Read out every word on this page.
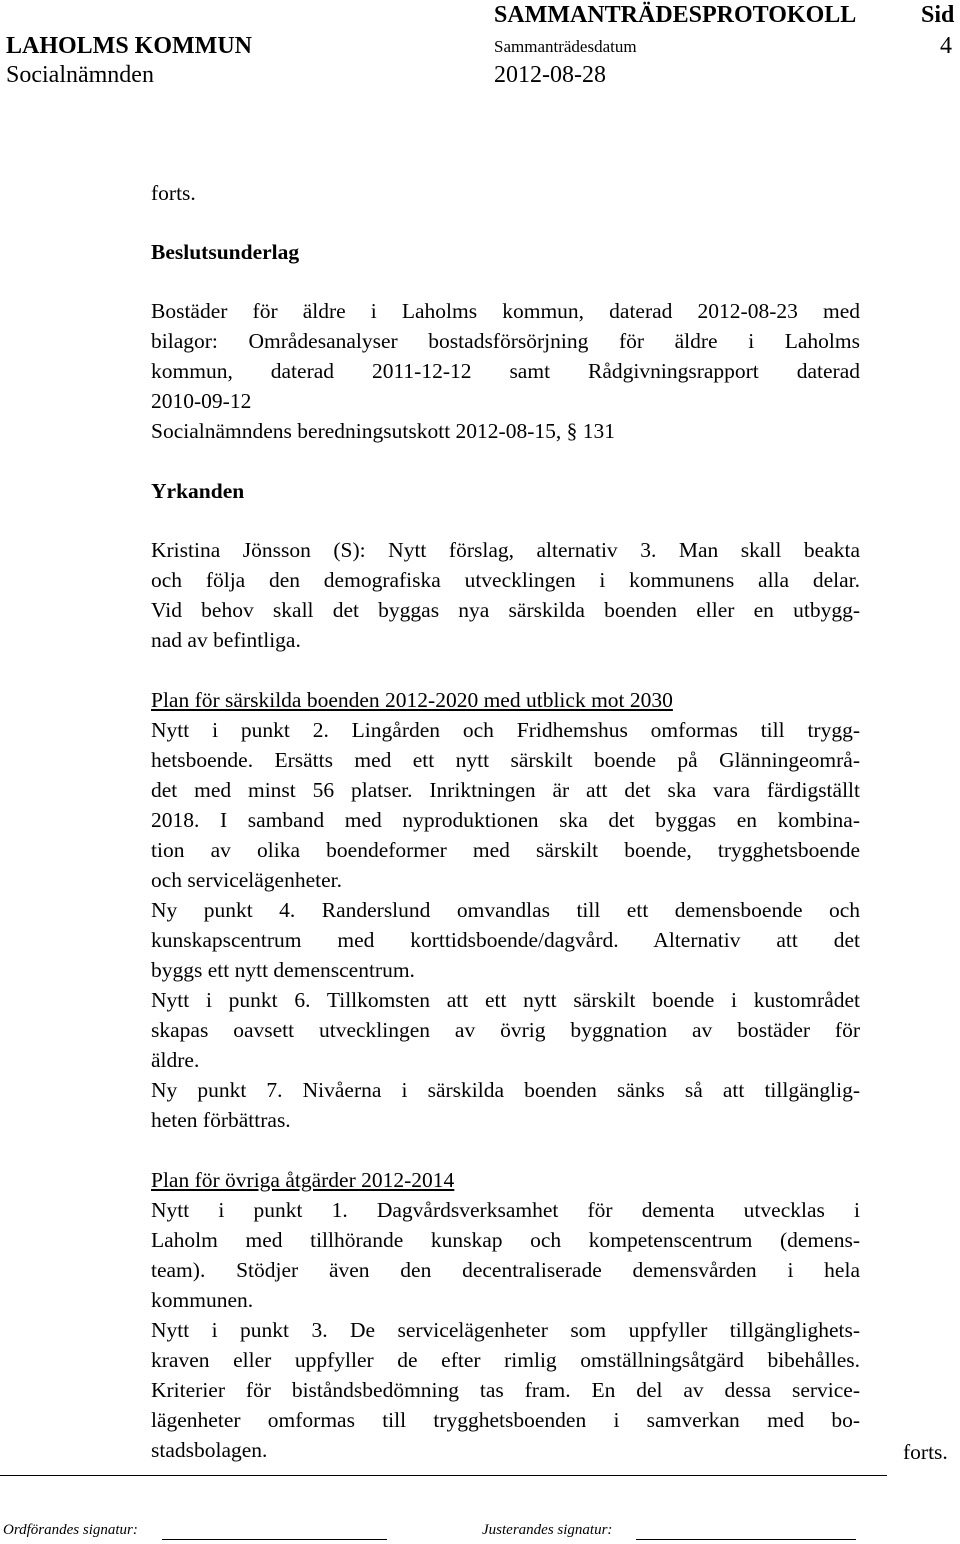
SAMMANTRÄDESPROTOKOLL	Sid
LAHOLMS KOMMUN	Sammanträdesdatum	4
Socialnämnden	2012-08-28
forts.
Beslutsunderlag

Bostäder för äldre i Laholms kommun, daterad 2012-08-23 med

bilagor: Områdesanalyser bostadsförsörjning för äldre i Laholms

kommun, daterad 2011-12-12 samt Rådgivningsrapport daterad

2010-09-12

Socialnämndens beredningsutskott 2012-08-15, § 131

Yrkanden

Kristina Jönsson (S): Nytt förslag, alternativ 3. Man skall beakta

och följa den demografiska utvecklingen i kommunens alla delar.

Vid behov skall det byggas nya särskilda boenden eller en utbygg-

nad av befintliga.

Plan för särskilda boenden 2012-2020 med utblick mot 2030

Nytt i punkt 2. Lingården och Fridhemshus omformas till trygg-

hetsboende. Ersätts med ett nytt särskilt boende på Glänningeområ-

det med minst 56 platser. Inriktningen är att det ska vara färdigställt

2018. I samband med nyproduktionen ska det byggas en kombina-

tion av olika boendeformer med särskilt boende, trygghetsboende

och servicelägenheter.

Ny punkt 4. Randerslund omvandlas till ett demensboende och

kunskapscentrum med korttidsboende/dagvård. Alternativ att det

byggs ett nytt demenscentrum.

Nytt i punkt 6. Tillkomsten att ett nytt särskilt boende i kustområdet

skapas oavsett utvecklingen av övrig byggnation av bostäder för

äldre.

Ny punkt 7. Nivåerna i särskilda boenden sänks så att tillgänglig-

heten förbättras.

Plan för övriga åtgärder 2012-2014

Nytt i punkt 1. Dagvårdsverksamhet för dementa utvecklas i

Laholm med tillhörande kunskap och kompetenscentrum (demens-

team). Stödjer även den decentraliserade demensvården i hela

kommunen.

Nytt i punkt 3. De servicelägenheter som uppfyller tillgänglighets-

kraven eller uppfyller de efter rimlig omställningsåtgärd bibehålles.

Kriterier för biståndsbedömning tas fram. En del av dessa service-

lägenheter omformas till trygghetsboenden i samverkan med bo-

stadsbolagen.	forts.
Ordförandes signatur:	Justerandes signatur:
